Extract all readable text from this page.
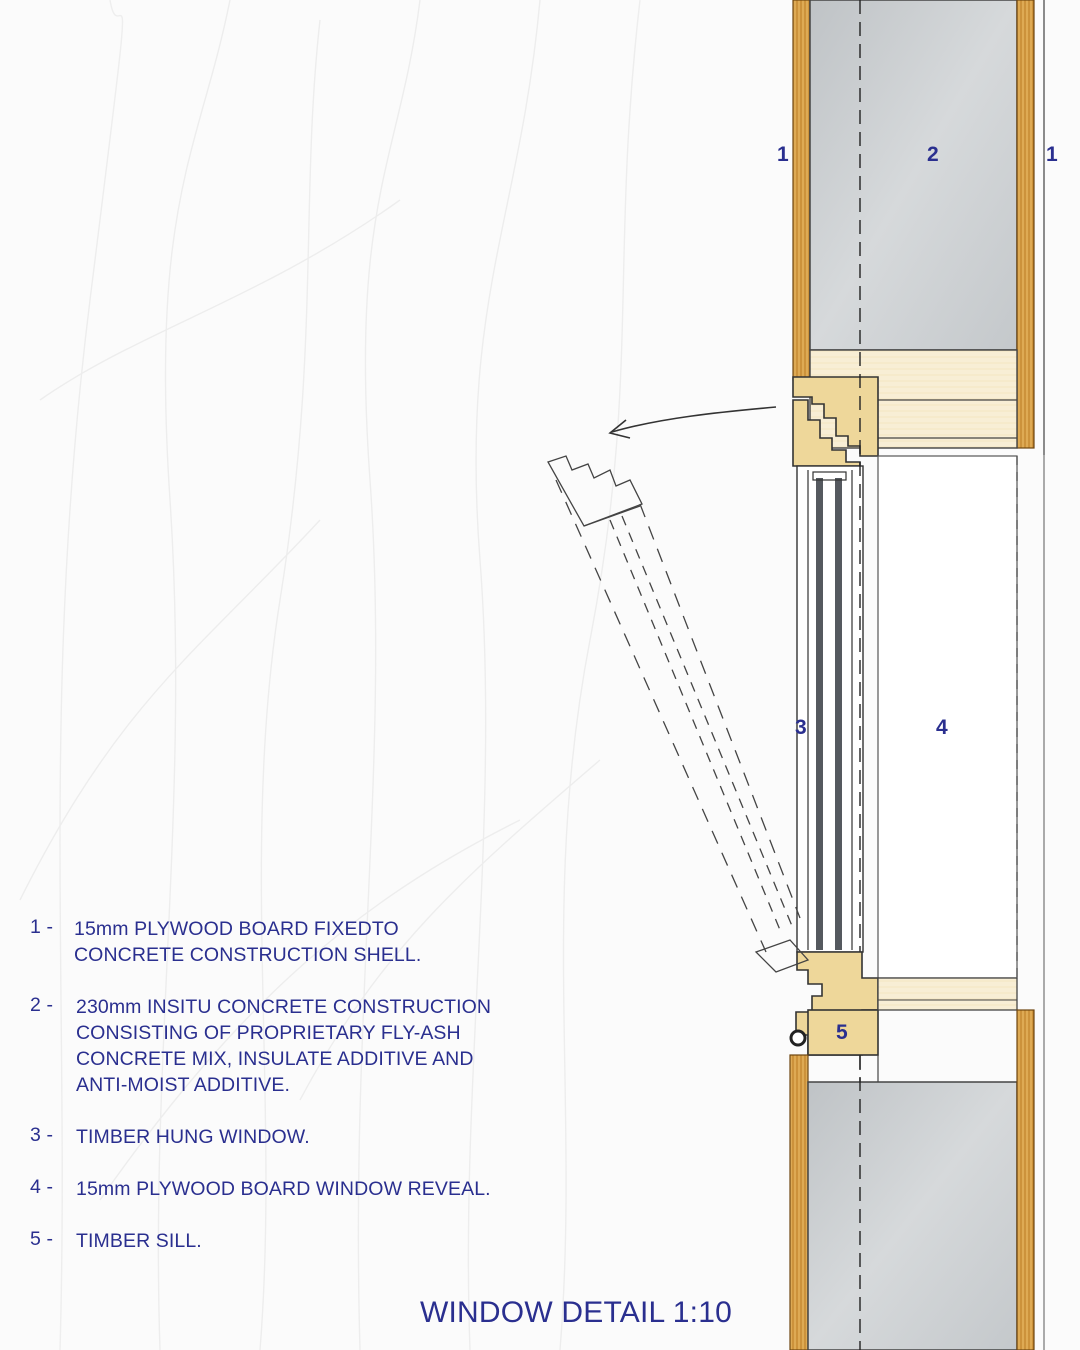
1	2	1
3	4
5
1 -	15mm PLYWOOD BOARD FIXEDTO
CONCRETE CONSTRUCTION SHELL.
2 -	230mm INSITU CONCRETE CONSTRUCTION
CONSISTING OF PROPRIETARY FLY-ASH
CONCRETE MIX, INSULATE ADDITIVE AND
ANTI-MOIST ADDITIVE.
3 -	TIMBER HUNG WINDOW.
4 -	15mm PLYWOOD BOARD WINDOW REVEAL.
5 -	TIMBER SILL.
WINDOW DETAIL 1:10
